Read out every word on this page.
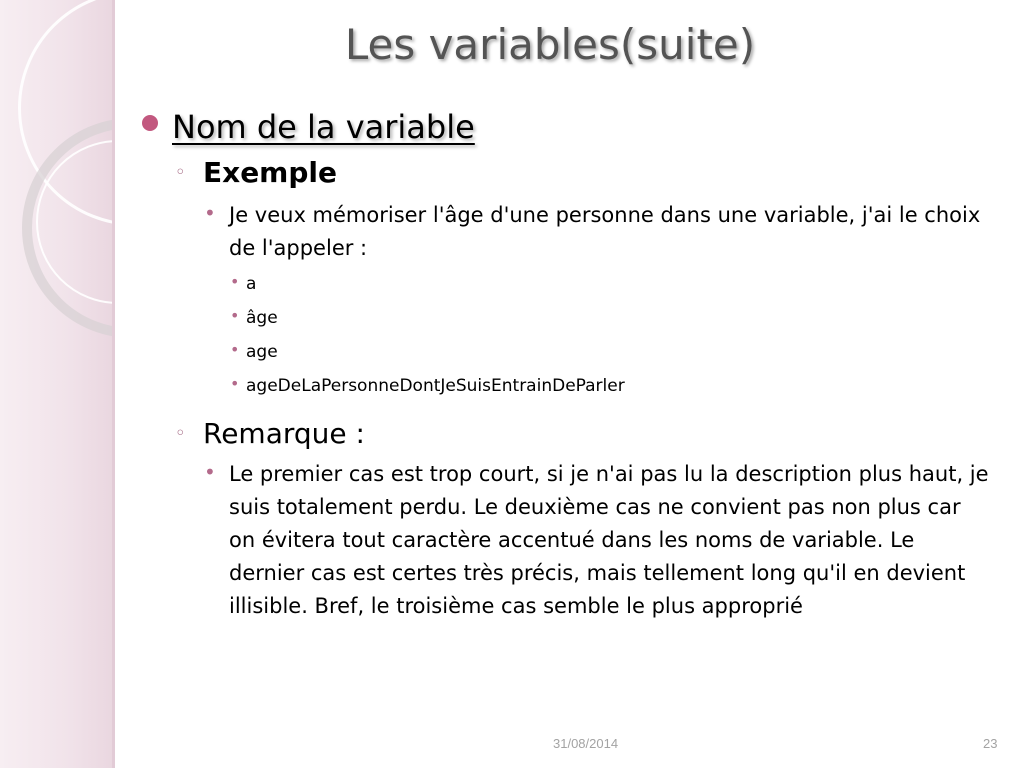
Les variables(suite)
Nom de la variable
◦ Exemple
• Je veux mémoriser l'âge d'une personne dans une variable, j'ai le choix de l'appeler :
• a
• âge
• age
• ageDeLaPersonneDontJeSuisEntrainDeParler
◦ Remarque :
• Le premier cas est trop court, si je n'ai pas lu la description plus haut, je suis totalement perdu. Le deuxième cas ne convient pas non plus car on évitera tout caractère accentué dans les noms de variable. Le dernier cas est certes très précis, mais tellement long qu'il en devient illisible. Bref, le troisième cas semble le plus approprié
31/08/2014	23
